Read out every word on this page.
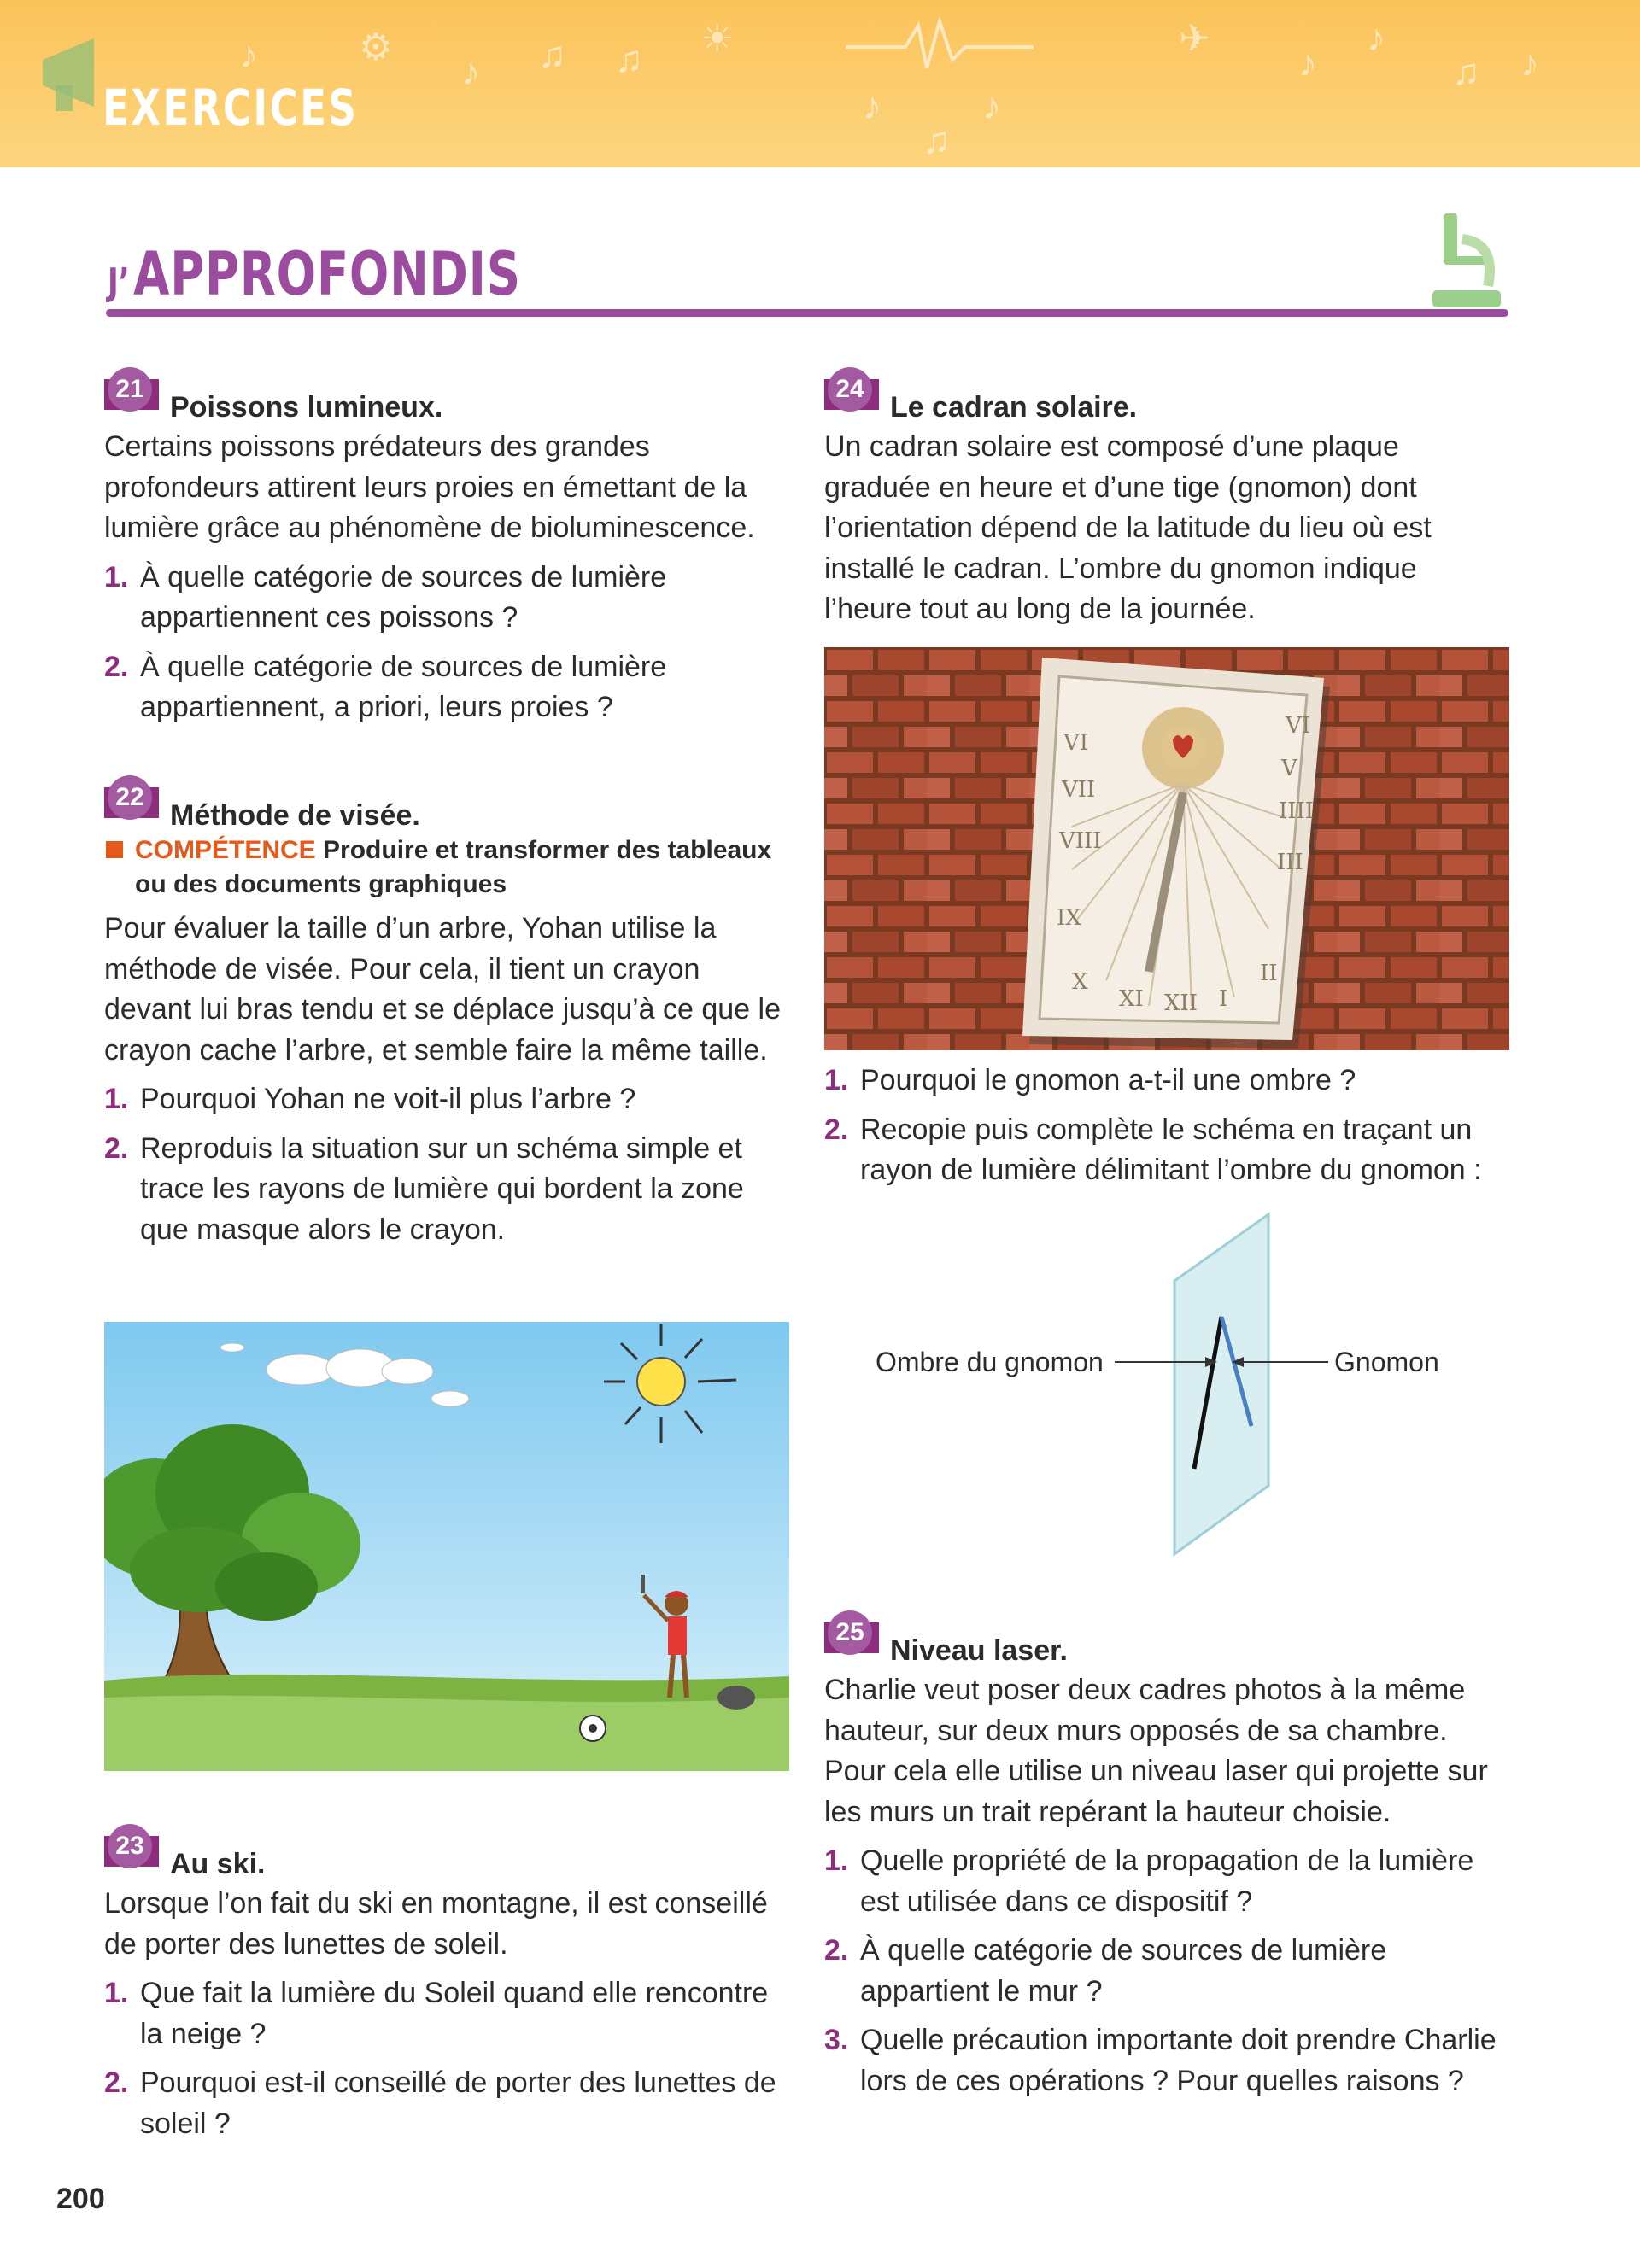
♪	⚙
♪ ♫ ♫ ☀
♪
♫
♪
✈
♪
♪
♫ ♪
EXERCICES
J’ APPROFONDIS
21
Poissons lumineux.

Certains poissons prédateurs des grandes profondeurs attirent leurs proies en émettant de la lumière grâce au phénomène de bioluminescence.

1. À quelle catégorie de sources de lumière appartiennent ces poissons ?
2. À quelle catégorie de sources de lumière appartiennent, a priori, leurs proies ?
22
Méthode de visée.
COMPÉTENCE Produire et transformer des tableaux ou des documents graphiques

Pour évaluer la taille d’un arbre, Yohan utilise la méthode de visée. Pour cela, il tient un crayon devant lui bras tendu et se déplace jusqu’à ce que le crayon cache l’arbre, et semble faire la même taille.

1. Pourquoi Yohan ne voit-il plus l’arbre ?
2. Reproduis la situation sur un schéma simple et trace les rayons de lumière qui bordent la zone que masque alors le crayon.
23
Au ski.

Lorsque l’on fait du ski en montagne, il est conseillé de porter des lunettes de soleil.

1. Que fait la lumière du Soleil quand elle rencontre la neige ?
2. Pourquoi est-il conseillé de porter des lunettes de soleil ?
24
Le cadran solaire.

Un cadran solaire est composé d’une plaque graduée en heure et d’une tige (gnomon) dont l’orientation dépend de la latitude du lieu où est installé le cadran. L’ombre du gnomon indique l’heure tout au long de la journée.

VI
VII
VIII
IX
X
XI XII I
II
III
IIII
V
VI
1. Pourquoi le gnomon a-t-il une ombre ?
2. Recopie puis complète le schéma en traçant un rayon de lumière délimitant l’ombre du gnomon :
Ombre du gnomon	Gnomon
25
Niveau laser.

Charlie veut poser deux cadres photos à la même hauteur, sur deux murs opposés de sa chambre. Pour cela elle utilise un niveau laser qui projette sur les murs un trait repérant la hauteur choisie.

1. Quelle propriété de la propagation de la lumière est utilisée dans ce dispositif ?
2. À quelle catégorie de sources de lumière appartient le mur ?
3. Quelle précaution importante doit prendre Charlie lors de ces opérations ? Pour quelles raisons ?
200
